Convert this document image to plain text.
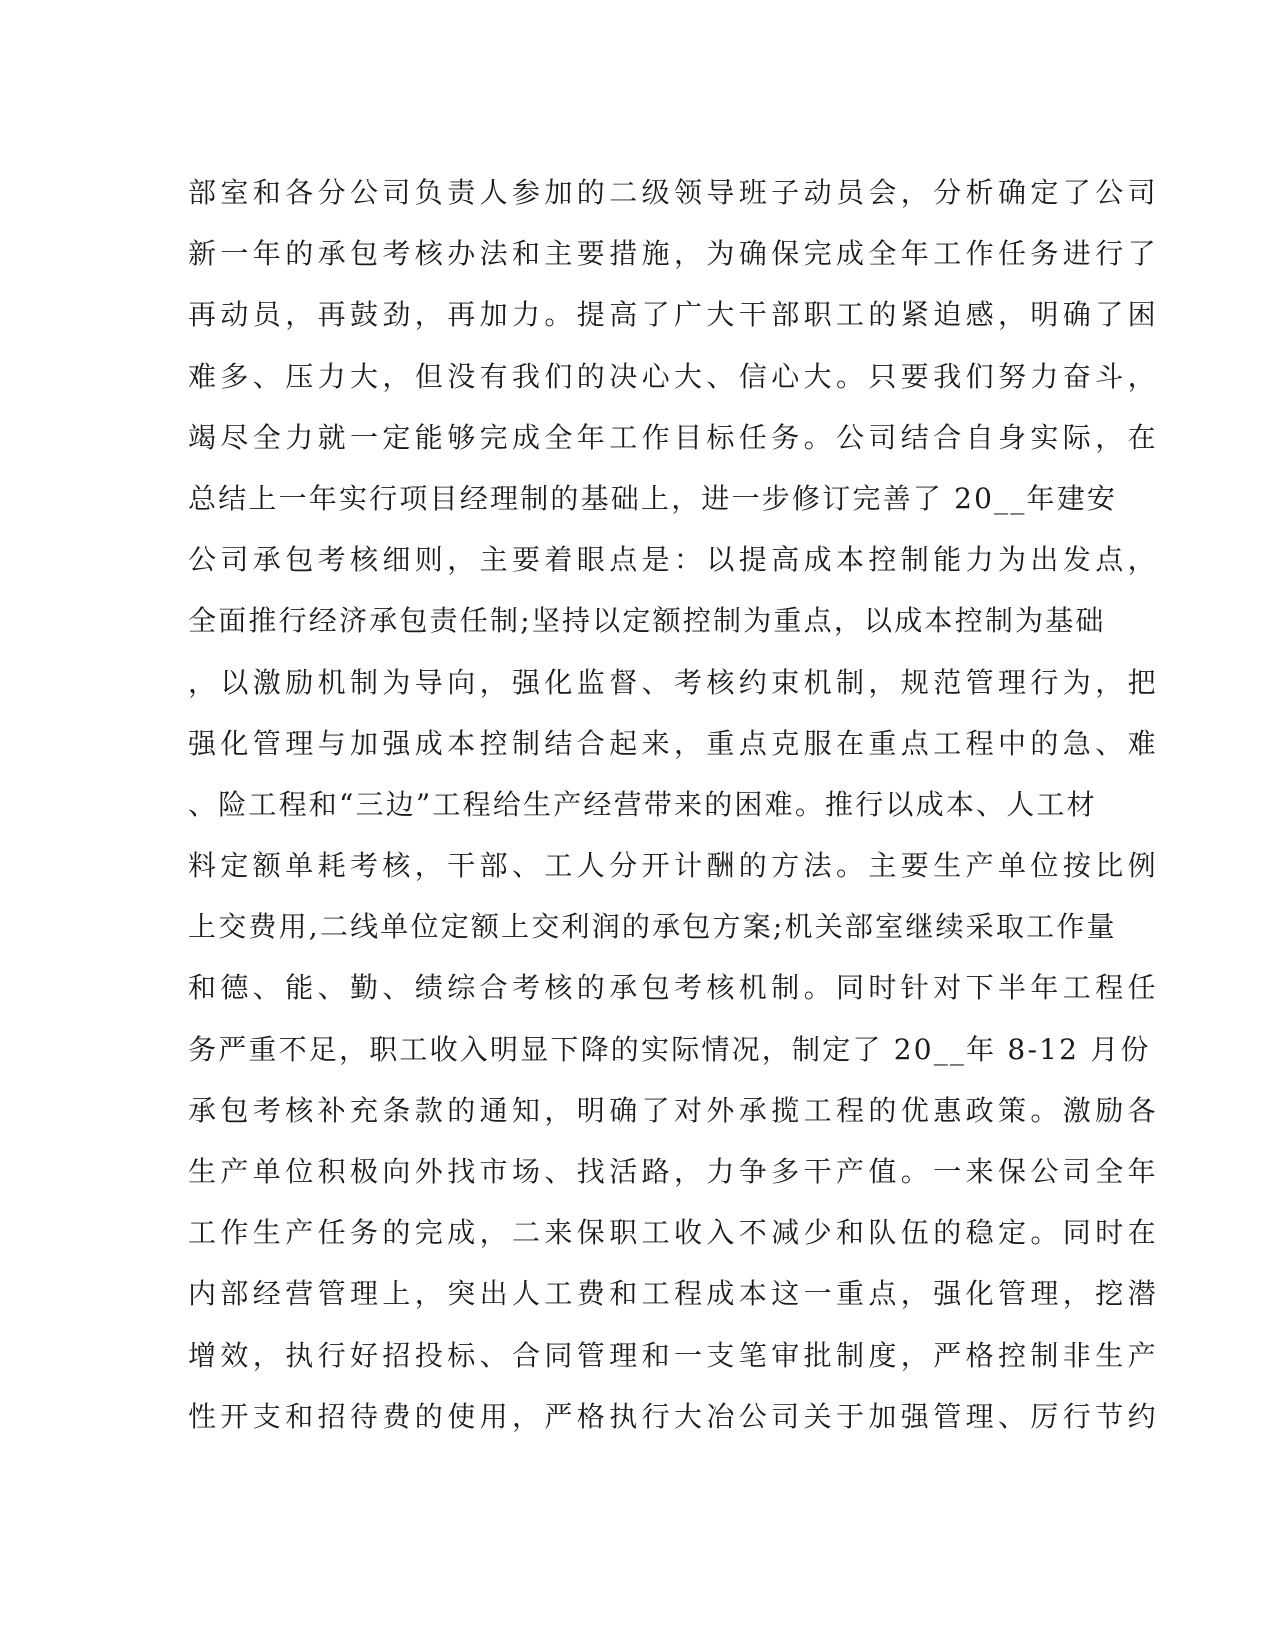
部室和各分公司负责人参加的二级领导班子动员会，分析确定了公司
新一年的承包考核办法和主要措施，为确保完成全年工作任务进行了
再动员，再鼓劲，再加力。提高了广大干部职工的紧迫感，明确了困
难多、压力大，但没有我们的决心大、信心大。只要我们努力奋斗，
竭尽全力就一定能够完成全年工作目标任务。公司结合自身实际，在
总结上一年实行项目经理制的基础上，进一步修订完善了 20__年建安
公司承包考核细则，主要着眼点是：以提高成本控制能力为出发点，
全面推行经济承包责任制;坚持以定额控制为重点，以成本控制为基础
，以激励机制为导向，强化监督、考核约束机制，规范管理行为，把
强化管理与加强成本控制结合起来，重点克服在重点工程中的急、难
、险工程和“三边”工程给生产经营带来的困难。推行以成本、人工材
料定额单耗考核，干部、工人分开计酬的方法。主要生产单位按比例
上交费用,二线单位定额上交利润的承包方案;机关部室继续采取工作量
和德、能、勤、绩综合考核的承包考核机制。同时针对下半年工程任
务严重不足，职工收入明显下降的实际情况，制定了 20__年 8-12 月份
承包考核补充条款的通知，明确了对外承揽工程的优惠政策。激励各
生产单位积极向外找市场、找活路，力争多干产值。一来保公司全年
工作生产任务的完成，二来保职工收入不减少和队伍的稳定。同时在
内部经营管理上，突出人工费和工程成本这一重点，强化管理，挖潜
增效，执行好招投标、合同管理和一支笔审批制度，严格控制非生产
性开支和招待费的使用，严格执行大冶公司关于加强管理、厉行节约
